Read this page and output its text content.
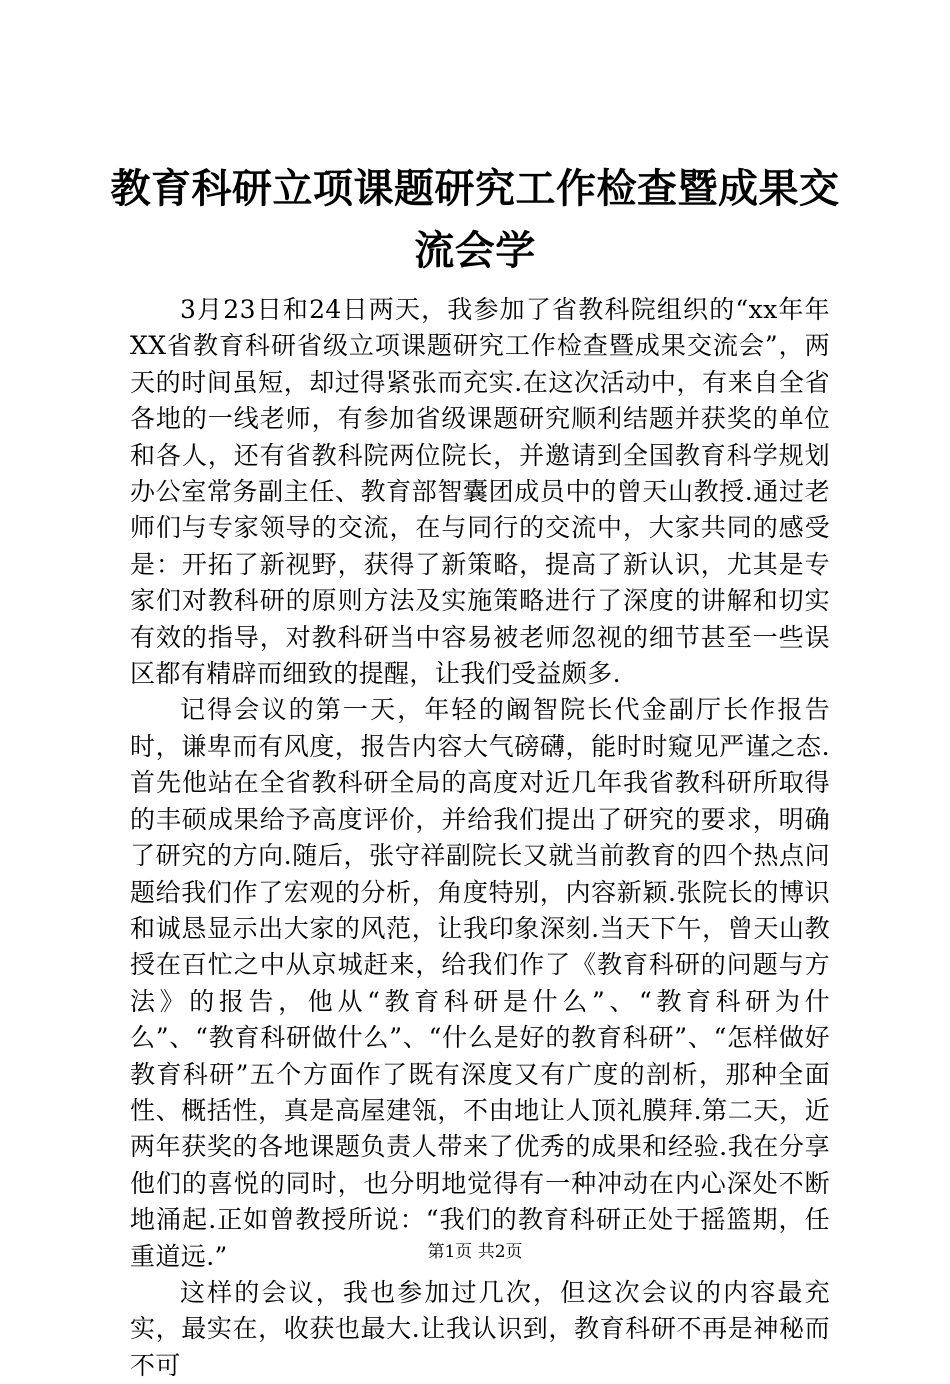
教育科研立项课题研究工作检查暨成果交流会学

3月23日和24日两天，我参加了省教科院组织的“xx年年XX省教育科研省级立项课题研究工作检查暨成果交流会”，两天的时间虽短，却过得紧张而充实.在这次活动中，有来自全省各地的一线老师，有参加省级课题研究顺利结题并获奖的单位和各人，还有省教科院两位院长，并邀请到全国教育科学规划办公室常务副主任、教育部智囊团成员中的曾天山教授.通过老师们与专家领导的交流，在与同行的交流中，大家共同的感受是：开拓了新视野，获得了新策略，提高了新认识，尤其是专家们对教科研的原则方法及实施策略进行了深度的讲解和切实有效的指导，对教科研当中容易被老师忽视的细节甚至一些误区都有精辟而细致的提醒，让我们受益颇多.

记得会议的第一天，年轻的阚智院长代金副厅长作报告时，谦卑而有风度，报告内容大气磅礴，能时时窥见严谨之态.首先他站在全省教科研全局的高度对近几年我省教科研所取得的丰硕成果给予高度评价，并给我们提出了研究的要求，明确了研究的方向.随后，张守祥副院长又就当前教育的四个热点问题给我们作了宏观的分析，角度特别，内容新颖.张院长的博识和诚恳显示出大家的风范，让我印象深刻.当天下午，曾天山教授在百忙之中从京城赶来，给我们作了《教育科研的问题与方法》的报告，他从“教育科研是什么”、“教育科研为什么”、“教育科研做什么”、“什么是好的教育科研”、“怎样做好教育科研”五个方面作了既有深度又有广度的剖析，那种全面性、概括性，真是高屋建瓴，不由地让人顶礼膜拜.第二天，近两年获奖的各地课题负责人带来了优秀的成果和经验.我在分享他们的喜悦的同时，也分明地觉得有一种冲动在内心深处不断地涌起.正如曾教授所说：“我们的教育科研正处于摇篮期，任重道远.”

这样的会议，我也参加过几次，但这次会议的内容最充实，最实在，收获也最大.让我认识到，教育科研不再是神秘而不可

第1页 共2页
